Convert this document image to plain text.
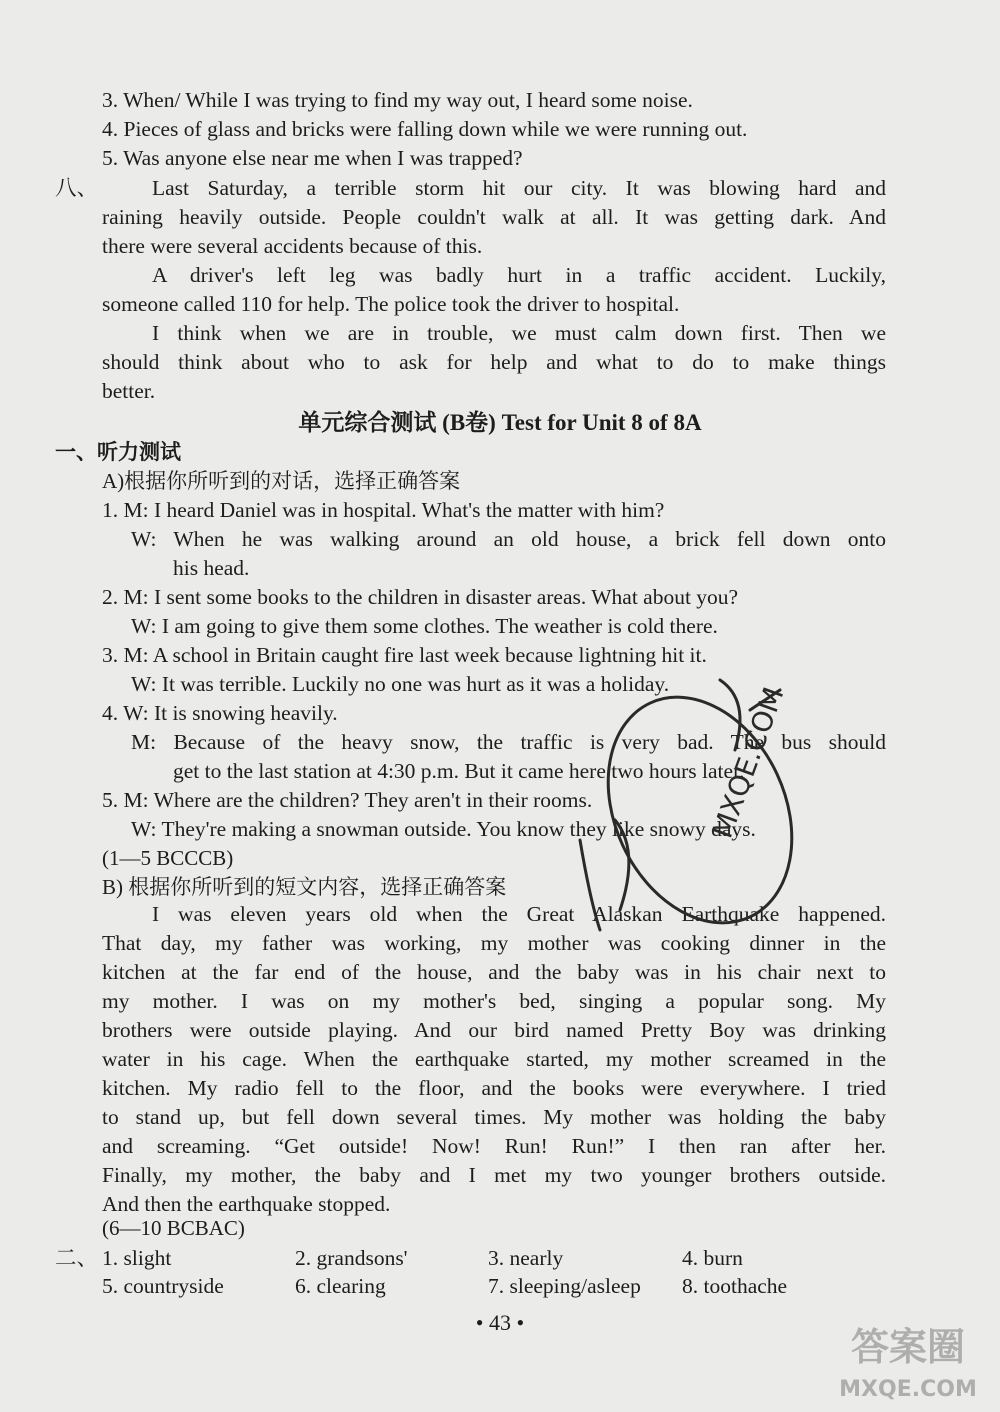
3. When/ While I was trying to find my way out, I heard some noise.
4. Pieces of glass and bricks were falling down while we were running out.
5. Was anyone else near me when I was trapped?
八、	Last Saturday, a terrible storm hit our city. It was blowing hard and
raining heavily outside. People couldn't walk at all. It was getting dark. And
there were several accidents because of this.
A driver's left leg was badly hurt in a traffic accident. Luckily,
someone called 110 for help. The police took the driver to hospital.
I think when we are in trouble, we must calm down first. Then we
should think about who to ask for help and what to do to make things
better.
单元综合测试 (B卷) Test for Unit 8 of 8A
一、听力测试
A)根据你所听到的对话，选择正确答案
1. M: I heard Daniel was in hospital. What's the matter with him?
W: When he was walking around an old house, a brick fell down onto
his head.
2. M: I sent some books to the children in disaster areas. What about you?
W: I am going to give them some clothes. The weather is cold there.
3. M: A school in Britain caught fire last week because lightning hit it.
W: It was terrible. Luckily no one was hurt as it was a holiday.
4. W: It is snowing heavily.
M: Because of the heavy snow, the traffic is very bad. The bus should
get to the last station at 4:30 p.m. But it came here two hours later.
5. M: Where are the children? They aren't in their rooms.
W: They're making a snowman outside. You know they like snowy days.
(1—5 BCCCB)
B) 根据你所听到的短文内容，选择正确答案
I was eleven years old when the Great Alaskan Earthquake happened.
That day, my father was working, my mother was cooking dinner in the
kitchen at the far end of the house, and the baby was in his chair next to
my mother. I was on my mother's bed, singing a popular song. My
brothers were outside playing. And our bird named Pretty Boy was drinking
water in his cage. When the earthquake started, my mother screamed in the
kitchen. My radio fell to the floor, and the books were everywhere. I tried
to stand up, but fell down several times. My mother was holding the baby
and screaming. “Get outside! Now! Run! Run!” I then ran after her.
Finally, my mother, the baby and I met my two younger brothers outside.
And then the earthquake stopped.
(6—10 BCBAC)
二、 1. slight	2. grandsons'	3. nearly	4. burn
5. countryside	6. clearing	7. sleeping/asleep 8. toothache
• 43 •
MXQE.COM
答案圈
MXQE.COM
